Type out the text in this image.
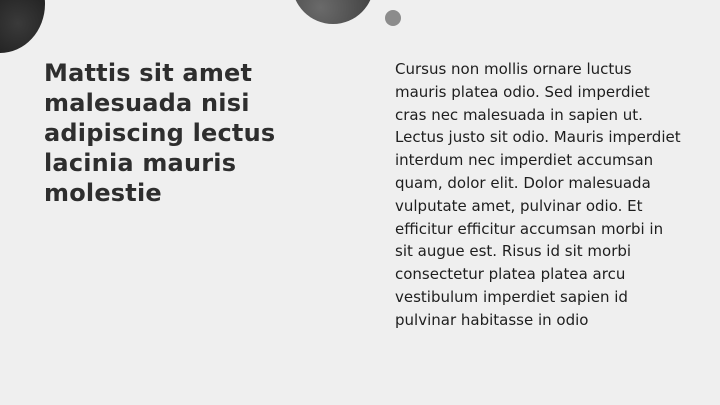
Mattis sit amet malesuada nisi adipiscing lectus lacinia mauris molestie

Cursus non mollis ornare luctus mauris platea odio. Sed imperdiet cras nec malesuada in sapien ut. Lectus justo sit odio. Mauris imperdiet interdum nec imperdiet accumsan quam, dolor elit. Dolor malesuada vulputate amet, pulvinar odio. Et efficitur efficitur accumsan morbi in sit augue est. Risus id sit morbi consectetur platea platea arcu vestibulum imperdiet sapien id pulvinar habitasse in odio
